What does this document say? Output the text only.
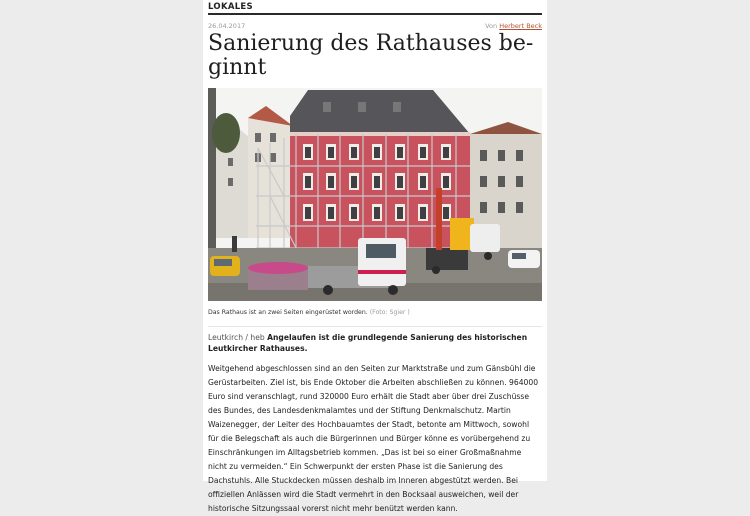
LOKALES
26.04.2017	Von Herbert Beck
Sanierung des Rathauses be-ginnt
Das Rathaus ist an zwei Seiten eingerüstet worden. (Foto: Sgier )
Leutkirch / heb Angelaufen ist die grundlegende Sanierung des historischen Leutkircher Rathauses.

Weitgehend abgeschlossen sind an den Seiten zur Marktstraße und zum Gänsbühl die Gerüstarbeiten. Ziel ist, bis Ende Oktober die Arbeiten abschließen zu können. 964000 Euro sind veranschlagt, rund 320000 Euro erhält die Stadt aber über drei Zuschüsse des Bundes, des Landesdenkmalamtes und der Stiftung Denkmalschutz. Martin Waizenegger, der Leiter des Hochbauamtes der Stadt, betonte am Mittwoch, sowohl für die Belegschaft als auch die Bürgerinnen und Bürger könne es vorübergehend zu Einschränkungen im Alltagsbetrieb kommen. „Das ist bei so einer Großmaßnahme nicht zu vermeiden.“ Ein Schwerpunkt der ersten Phase ist die Sanierung des Dachstuhls. Alle Stuckdecken müssen deshalb im Inneren abgestützt werden. Bei offiziellen Anlässen wird die Stadt vermehrt in den Bocksaal ausweichen, weil der historische Sitzungssaal vorerst nicht mehr benützt werden kann.
